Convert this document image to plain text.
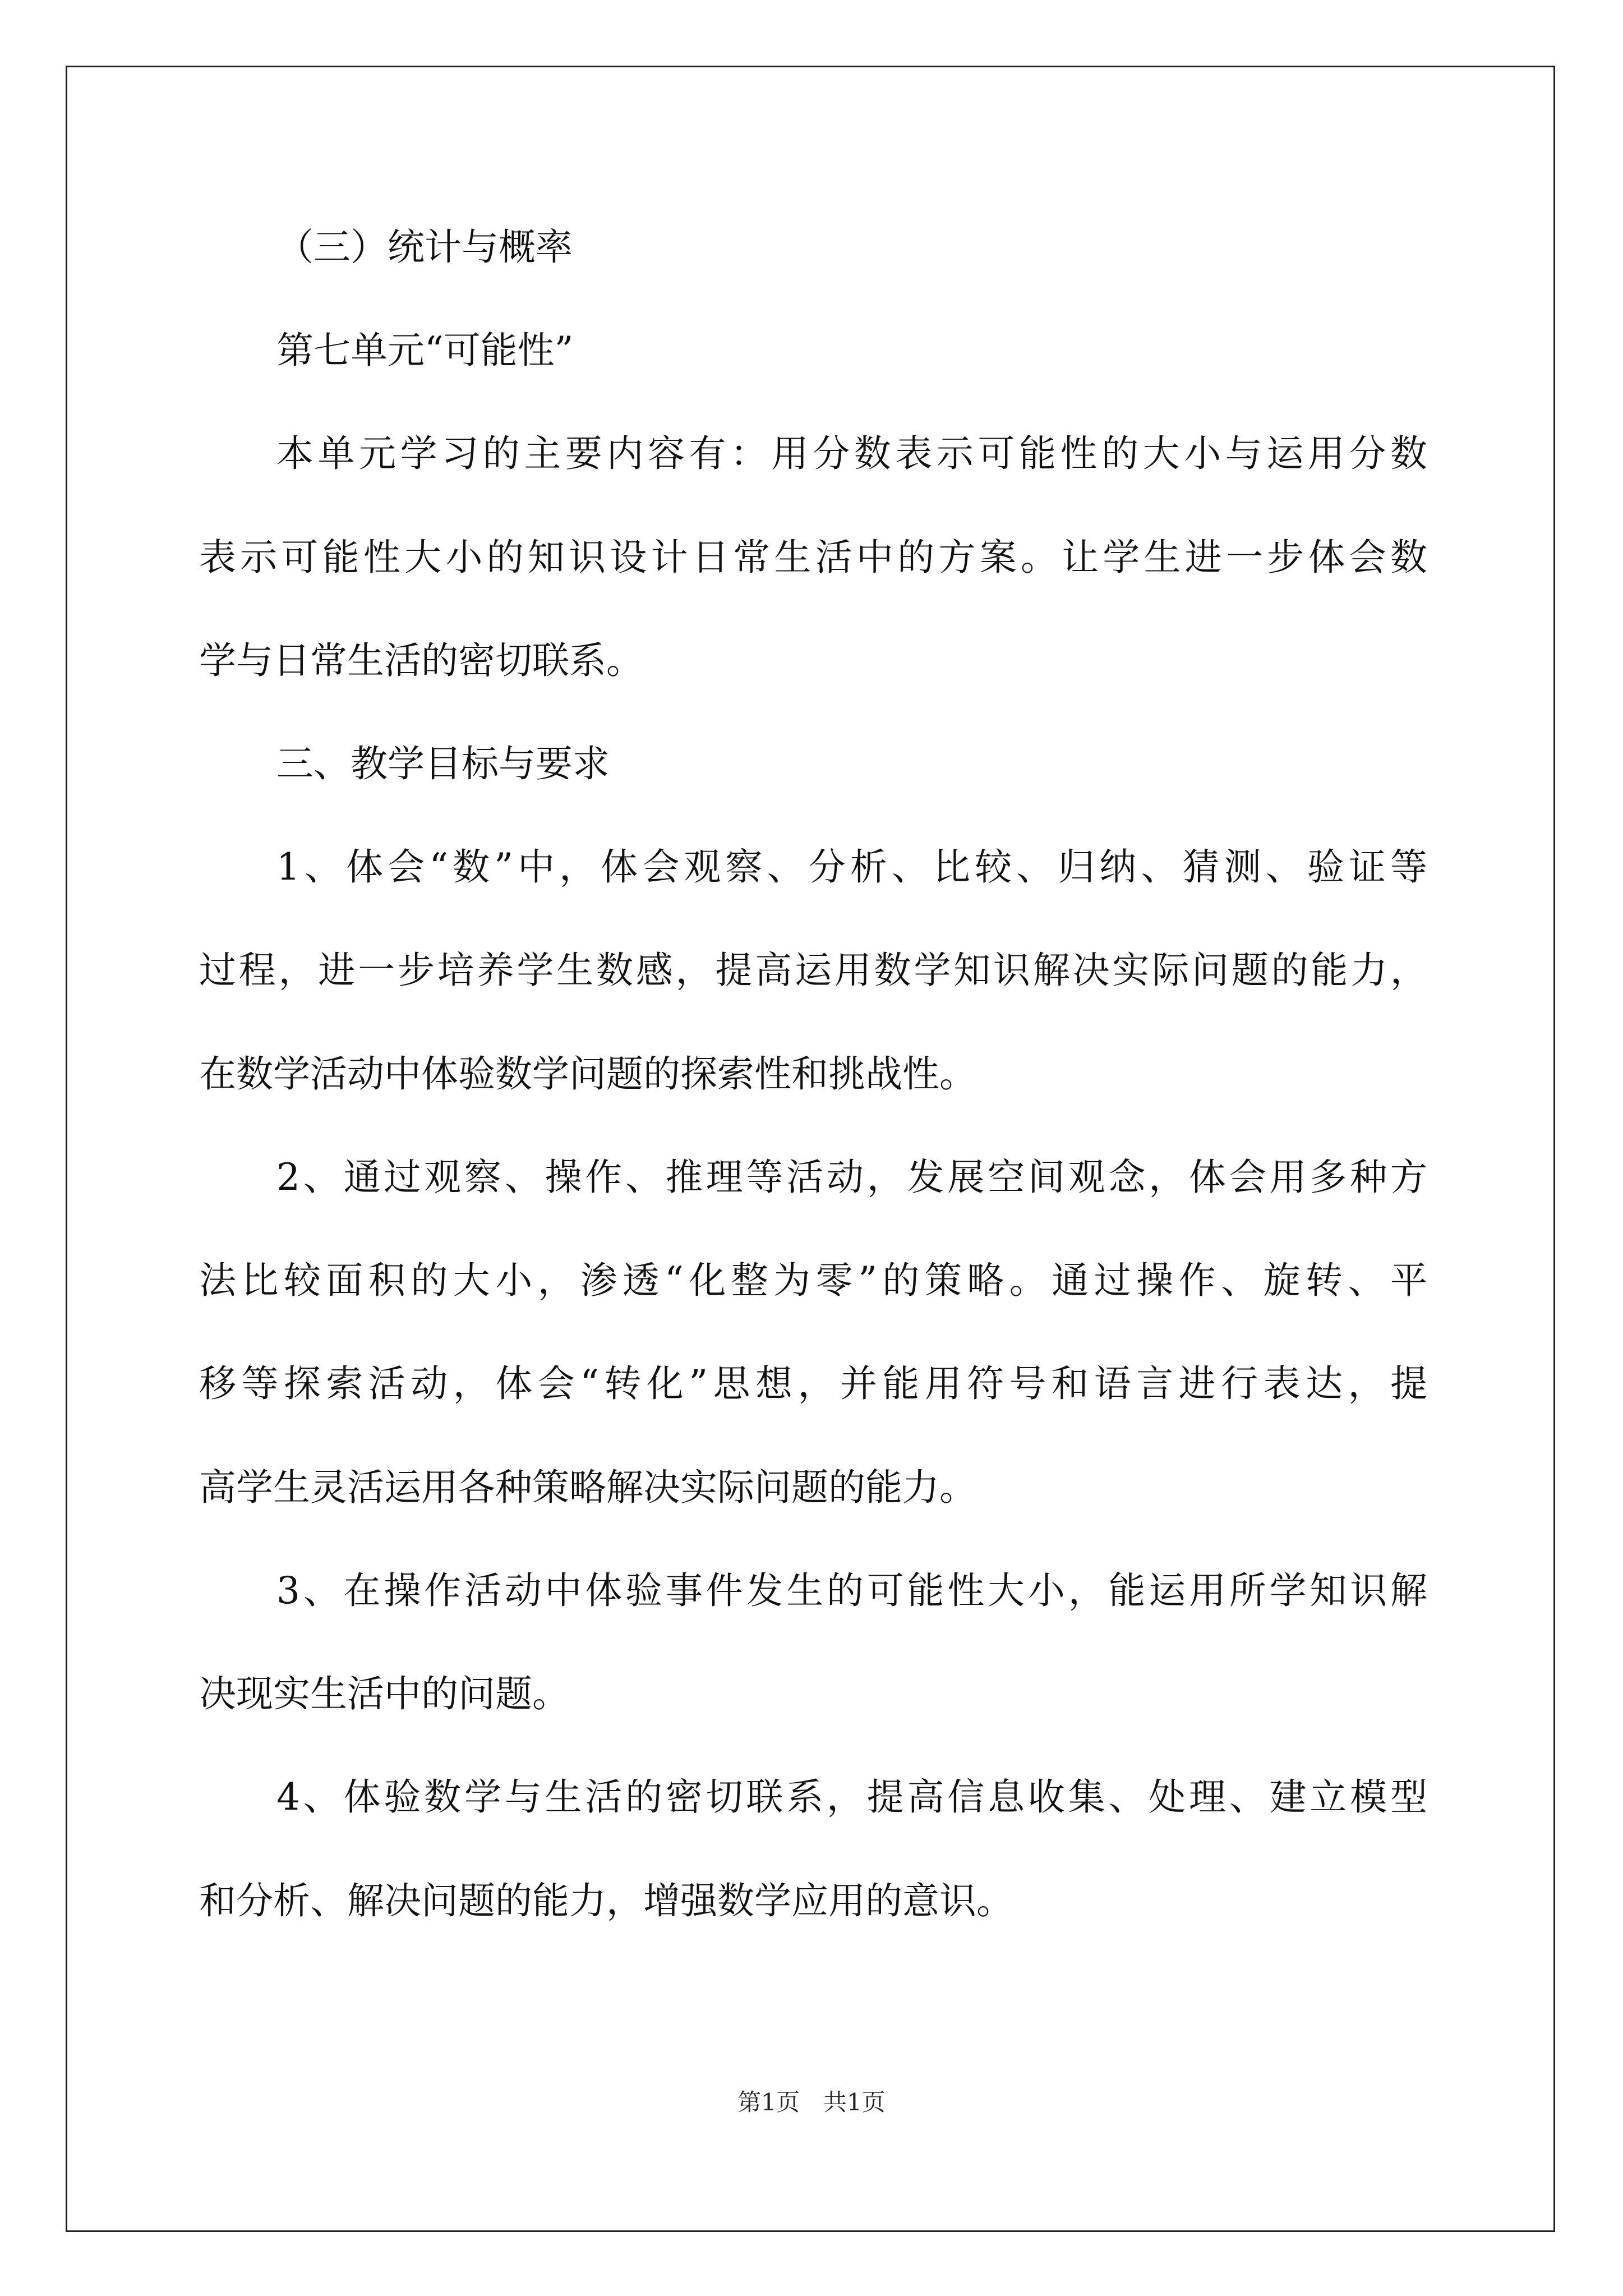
（三）统计与概率
第七单元“可能性”
本单元学习的主要内容有：用分数表示可能性的大小与运用分数
表示可能性大小的知识设计日常生活中的方案。让学生进一步体会数
学与日常生活的密切联系。
三、教学目标与要求
1、体会“数”中，体会观察、分析、比较、归纳、猜测、验证等
过程，进一步培养学生数感，提高运用数学知识解决实际问题的能力，
在数学活动中体验数学问题的探索性和挑战性。
2、通过观察、操作、推理等活动，发展空间观念，体会用多种方
法比较面积的大小，渗透“化整为零”的策略。通过操作、旋转、平
移等探索活动，体会“转化”思想，并能用符号和语言进行表达，提
高学生灵活运用各种策略解决实际问题的能力。
3、在操作活动中体验事件发生的可能性大小，能运用所学知识解
决现实生活中的问题。
4、体验数学与生活的密切联系，提高信息收集、处理、建立模型
和分析、解决问题的能力，增强数学应用的意识。
第1页　共1页
